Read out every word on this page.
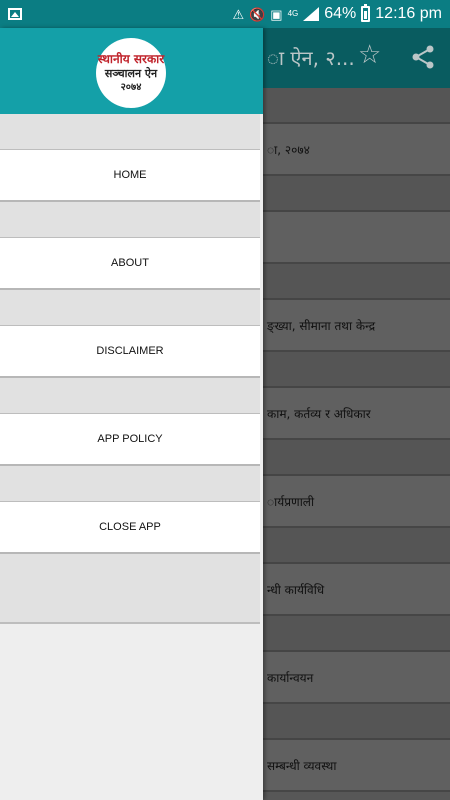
⚠ 🔇 ▣ 4G 64% 12:16 pm
ा ऐन, २... ☆
ा, २०७४
ङ्ख्या, सीमाना तथा केन्द्र
काम, कर्तव्य र अधिकार
ार्यप्रणाली
न्धी कार्यविधि
कार्यान्वयन
सम्बन्धी व्यवस्था
स्थानीय सरकार
सञ्चालन ऐन
२०७४
HOME
ABOUT
DISCLAIMER
APP POLICY
CLOSE APP
